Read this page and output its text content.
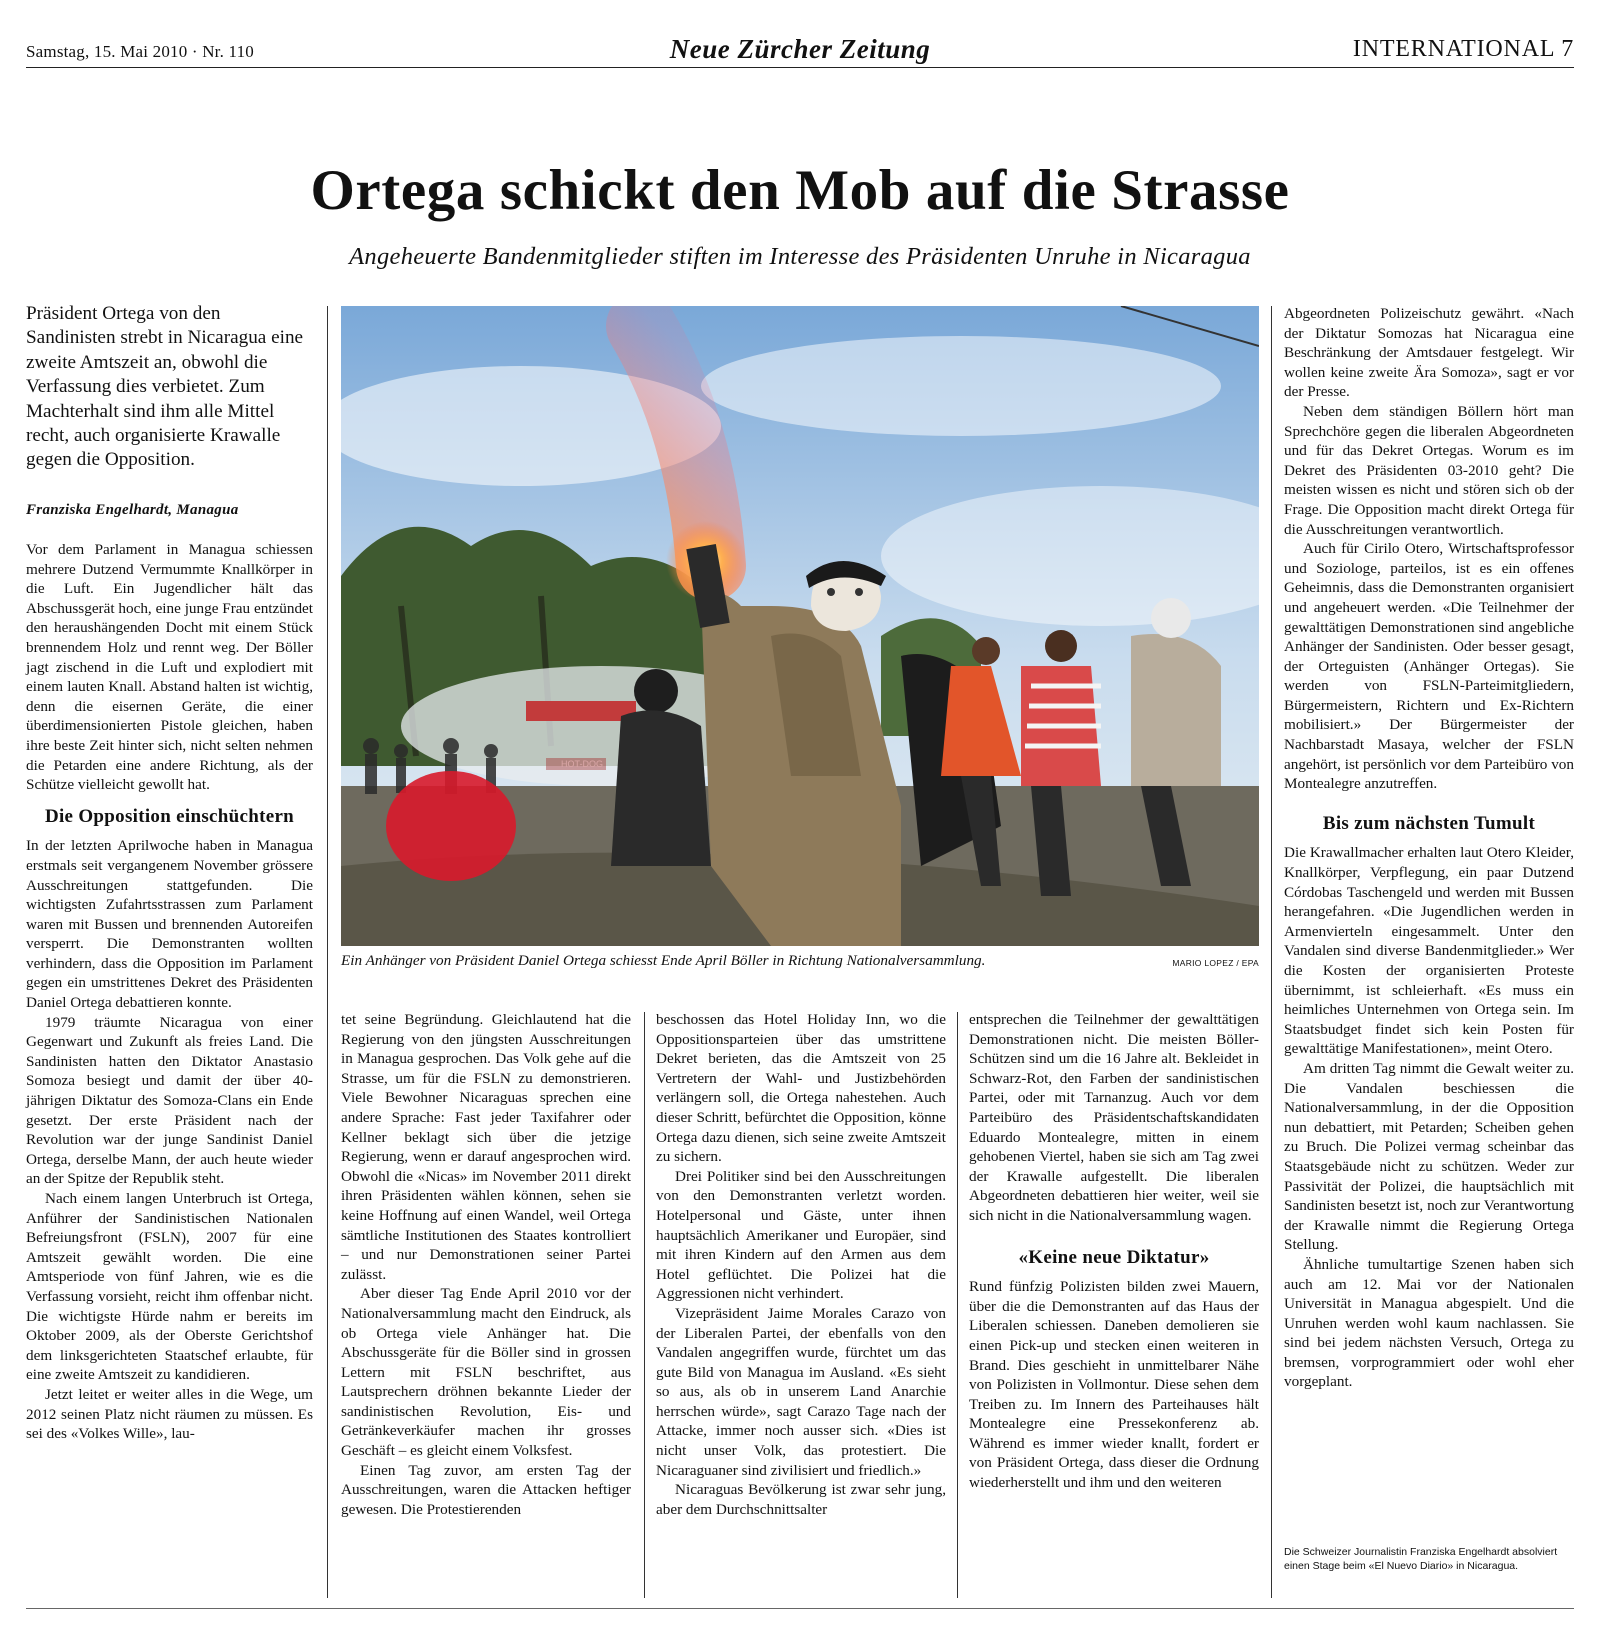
Samstag, 15. Mai 2010 · Nr. 110	Neue Zürcher Zeitung	INTERNATIONAL 7
Ortega schickt den Mob auf die Strasse
Angeheuerte Bandenmitglieder stiften im Interesse des Präsidenten Unruhe in Nicaragua
Präsident Ortega von den Sandinisten strebt in Nicaragua eine zweite Amtszeit an, obwohl die Verfassung dies verbietet. Zum Machterhalt sind ihm alle Mittel recht, auch organisierte Krawalle gegen die Opposition.
Franziska Engelhardt, Managua

Vor dem Parlament in Managua schiessen mehrere Dutzend Vermummte Knallkörper in die Luft. Ein Jugendlicher hält das Abschussgerät hoch, eine junge Frau entzündet den heraushängenden Docht mit einem Stück brennendem Holz und rennt weg. Der Böller jagt zischend in die Luft und explodiert mit einem lauten Knall. Abstand halten ist wichtig, denn die eisernen Geräte, die einer überdimensionierten Pistole gleichen, haben ihre beste Zeit hinter sich, nicht selten nehmen die Petarden eine andere Richtung, als der Schütze vielleicht gewollt hat.

Die Opposition einschüchtern

In der letzten Aprilwoche haben in Managua erstmals seit vergangenem November grössere Ausschreitungen stattgefunden. Die wichtigsten Zufahrtsstrassen zum Parlament waren mit Bussen und brennenden Autoreifen versperrt. Die Demonstranten wollten verhindern, dass die Opposition im Parlament gegen ein umstrittenes Dekret des Präsidenten Daniel Ortega debattieren konnte.

1979 träumte Nicaragua von einer Gegenwart und Zukunft als freies Land. Die Sandinisten hatten den Diktator Anastasio Somoza besiegt und damit der über 40-jährigen Diktatur des Somoza-Clans ein Ende gesetzt. Der erste Präsident nach der Revolution war der junge Sandinist Daniel Ortega, derselbe Mann, der auch heute wieder an der Spitze der Republik steht.

Nach einem langen Unterbruch ist Ortega, Anführer der Sandinistischen Nationalen Befreiungsfront (FSLN), 2007 für eine Amtszeit gewählt worden. Die eine Amtsperiode von fünf Jahren, wie es die Verfassung vorsieht, reicht ihm offenbar nicht. Die wichtigste Hürde nahm er bereits im Oktober 2009, als der Oberste Gerichtshof dem linksgerichteten Staatschef erlaubte, für eine zweite Amtszeit zu kandidieren.

Jetzt leitet er weiter alles in die Wege, um 2012 seinen Platz nicht räumen zu müssen. Es sei des «Volkes Wille», lau-

HOT-DOG
Ein Anhänger von Präsident Daniel Ortega schiesst Ende April Böller in Richtung Nationalversammlung.	MARIO LOPEZ / EPA

tet seine Begründung. Gleichlautend hat die Regierung von den jüngsten Ausschreitungen in Managua gesprochen. Das Volk gehe auf die Strasse, um für die FSLN zu demonstrieren. Viele Bewohner Nicaraguas sprechen eine andere Sprache: Fast jeder Taxifahrer oder Kellner beklagt sich über die jetzige Regierung, wenn er darauf angesprochen wird. Obwohl die «Nicas» im November 2011 direkt ihren Präsidenten wählen können, sehen sie keine Hoffnung auf einen Wandel, weil Ortega sämtliche Institutionen des Staates kontrolliert – und nur Demonstrationen seiner Partei zulässt.

Aber dieser Tag Ende April 2010 vor der Nationalversammlung macht den Eindruck, als ob Ortega viele Anhänger hat. Die Abschussgeräte für die Böller sind in grossen Lettern mit FSLN beschriftet, aus Lautsprechern dröhnen bekannte Lieder der sandinistischen Revolution, Eis- und Getränkeverkäufer machen ihr grosses Geschäft – es gleicht einem Volksfest.

Einen Tag zuvor, am ersten Tag der Ausschreitungen, waren die Attacken heftiger gewesen. Die Protestierenden

beschossen das Hotel Holiday Inn, wo die Oppositionsparteien über das umstrittene Dekret berieten, das die Amtszeit von 25 Vertretern der Wahl- und Justizbehörden verlängern soll, die Ortega nahestehen. Auch dieser Schritt, befürchtet die Opposition, könne Ortega dazu dienen, sich seine zweite Amtszeit zu sichern.

Drei Politiker sind bei den Ausschreitungen von den Demonstranten verletzt worden. Hotelpersonal und Gäste, unter ihnen hauptsächlich Amerikaner und Europäer, sind mit ihren Kindern auf den Armen aus dem Hotel geflüchtet. Die Polizei hat die Aggressionen nicht verhindert.

Vizepräsident Jaime Morales Carazo von der Liberalen Partei, der ebenfalls von den Vandalen angegriffen wurde, fürchtet um das gute Bild von Managua im Ausland. «Es sieht so aus, als ob in unserem Land Anarchie herrschen würde», sagt Carazo Tage nach der Attacke, immer noch ausser sich. «Dies ist nicht unser Volk, das protestiert. Die Nicaraguaner sind zivilisiert und friedlich.»

Nicaraguas Bevölkerung ist zwar sehr jung, aber dem Durchschnittsalter

entsprechen die Teilnehmer der gewalttätigen Demonstrationen nicht. Die meisten Böller-Schützen sind um die 16 Jahre alt. Bekleidet in Schwarz-Rot, den Farben der sandinistischen Partei, oder mit Tarnanzug. Auch vor dem Parteibüro des Präsidentschaftskandidaten Eduardo Montealegre, mitten in einem gehobenen Viertel, haben sie sich am Tag zwei der Krawalle aufgestellt. Die liberalen Abgeordneten debattieren hier weiter, weil sie sich nicht in die Nationalversammlung wagen.

«Keine neue Diktatur»

Rund fünfzig Polizisten bilden zwei Mauern, über die die Demonstranten auf das Haus der Liberalen schiessen. Daneben demolieren sie einen Pick-up und stecken einen weiteren in Brand. Dies geschieht in unmittelbarer Nähe von Polizisten in Vollmontur. Diese sehen dem Treiben zu. Im Innern des Parteihauses hält Montealegre eine Pressekonferenz ab. Während es immer wieder knallt, fordert er von Präsident Ortega, dass dieser die Ordnung wiederherstellt und ihm und den weiteren

Abgeordneten Polizeischutz gewährt. «Nach der Diktatur Somozas hat Nicaragua eine Beschränkung der Amtsdauer festgelegt. Wir wollen keine zweite Ära Somoza», sagt er vor der Presse.

Neben dem ständigen Böllern hört man Sprechchöre gegen die liberalen Abgeordneten und für das Dekret Ortegas. Worum es im Dekret des Präsidenten 03-2010 geht? Die meisten wissen es nicht und stören sich ob der Frage. Die Opposition macht direkt Ortega für die Ausschreitungen verantwortlich.

Auch für Cirilo Otero, Wirtschaftsprofessor und Soziologe, parteilos, ist es ein offenes Geheimnis, dass die Demonstranten organisiert und angeheuert werden. «Die Teilnehmer der gewalttätigen Demonstrationen sind angebliche Anhänger der Sandinisten. Oder besser gesagt, der Orteguisten (Anhänger Ortegas). Sie werden von FSLN-Parteimitgliedern, Bürgermeistern, Richtern und Ex-Richtern mobilisiert.» Der Bürgermeister der Nachbarstadt Masaya, welcher der FSLN angehört, ist persönlich vor dem Parteibüro von Montealegre anzutreffen.

Bis zum nächsten Tumult

Die Krawallmacher erhalten laut Otero Kleider, Knallkörper, Verpflegung, ein paar Dutzend Córdobas Taschengeld und werden mit Bussen herangefahren. «Die Jugendlichen werden in Armenvierteln eingesammelt. Unter den Vandalen sind diverse Bandenmitglieder.» Wer die Kosten der organisierten Proteste übernimmt, ist schleierhaft. «Es muss ein heimliches Unternehmen von Ortega sein. Im Staatsbudget findet sich kein Posten für gewalttätige Manifestationen», meint Otero.

Am dritten Tag nimmt die Gewalt weiter zu. Die Vandalen beschiessen die Nationalversammlung, in der die Opposition nun debattiert, mit Petarden; Scheiben gehen zu Bruch. Die Polizei vermag scheinbar das Staatsgebäude nicht zu schützen. Weder zur Passivität der Polizei, die hauptsächlich mit Sandinisten besetzt ist, noch zur Verantwortung der Krawalle nimmt die Regierung Ortega Stellung.

Ähnliche tumultartige Szenen haben sich auch am 12. Mai vor der Nationalen Universität in Managua abgespielt. Und die Unruhen werden wohl kaum nachlassen. Sie sind bei jedem nächsten Versuch, Ortega zu bremsen, vorprogrammiert oder wohl eher vorgeplant.

Die Schweizer Journalistin Franziska Engelhardt absolviert einen Stage beim «El Nuevo Diario» in Nicaragua.
